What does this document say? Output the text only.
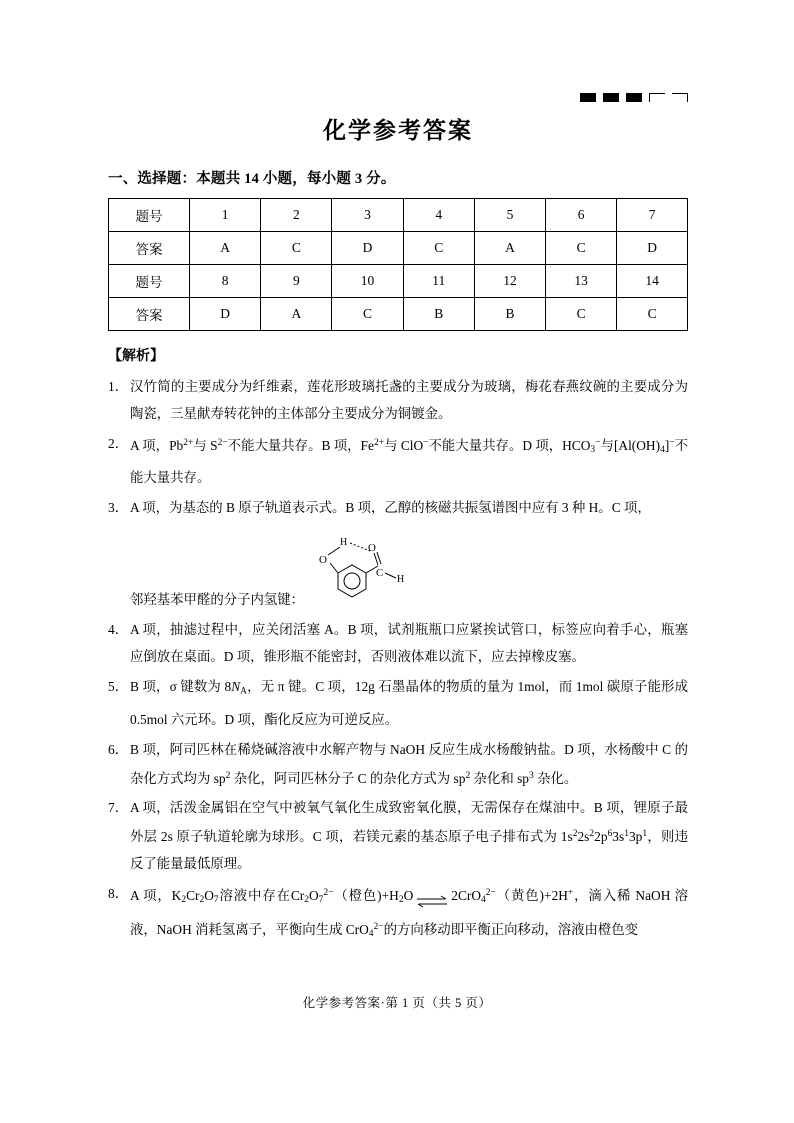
化学参考答案
一、选择题：本题共 14 小题，每小题 3 分。
题号	1	2	3	4	5	6	7
答案	A	C	D	C	A	C	D
题号	8	9	10	11	12	13	14
答案	D	A	C	B	B	C	C
【解析】
1． 汉竹简的主要成分为纤维素，莲花形玻璃托盏的主要成分为玻璃，梅花春燕纹碗的主要成分为陶瓷，三星献寿转花钟的主体部分主要成分为铜镀金。
2． A 项，$Pb^{2+}$与 $S^{2-}$不能大量共存。B 项，$Fe^{2+}$与 ClO−不能大量共存。D 项，$HCO_3^-$与$[Al(OH)_4]^-$不能大量共存。
3． A 项，为基态的 B 原子轨道表示式。B 项，乙醇的核磁共振氢谱图中应有 3 种 H。C 项，
邻羟基苯甲醛的分子内氢键：
O
H
C
O
H
4． A 项，抽滤过程中，应关闭活塞 A。B 项，试剂瓶瓶口应紧挨试管口，标签应向着手心，瓶塞应倒放在桌面。D 项，锥形瓶不能密封，否则液体难以流下，应去掉橡皮塞。
5． B 项，σ 键数为 $8N_A$，无 π 键。C 项，12g 石墨晶体的物质的量为 1mol，而 1mol 碳原子能形成 0.5mol 六元环。D 项，酯化反应为可逆反应。
6． B 项，阿司匹林在稀烧碱溶液中水解产物与 NaOH 反应生成水杨酸钠盐。D 项，水杨酸中 C 的杂化方式均为 $sp^2$ 杂化，阿司匹林分子 C 的杂化方式为 $sp^2$ 杂化和 $sp^3$ 杂化。
7． A 项，活泼金属铝在空气中被氧气氧化生成致密氧化膜，无需保存在煤油中。B 项，锂原子最外层 2s 原子轨道轮廓为球形。C 项，若镁元素的基态原子电子排布式为 $1s^22s^22p^63s^13p^1$，则违反了能量最低原理。
8． A 项，$K_2Cr_2O_7$溶液中存在$Cr_2O_7^{2-}$（橙色)$+H_2O$ ⇌ 2CrO$_4^{2-}$（黄色)+2H+，滴入稀 NaOH 溶液，NaOH 消耗氢离子，平衡向生成 CrO$_4^{2-}$的方向移动即平衡正向移动，溶液由橙色变
化学参考答案·第 1 页（共 5 页）
